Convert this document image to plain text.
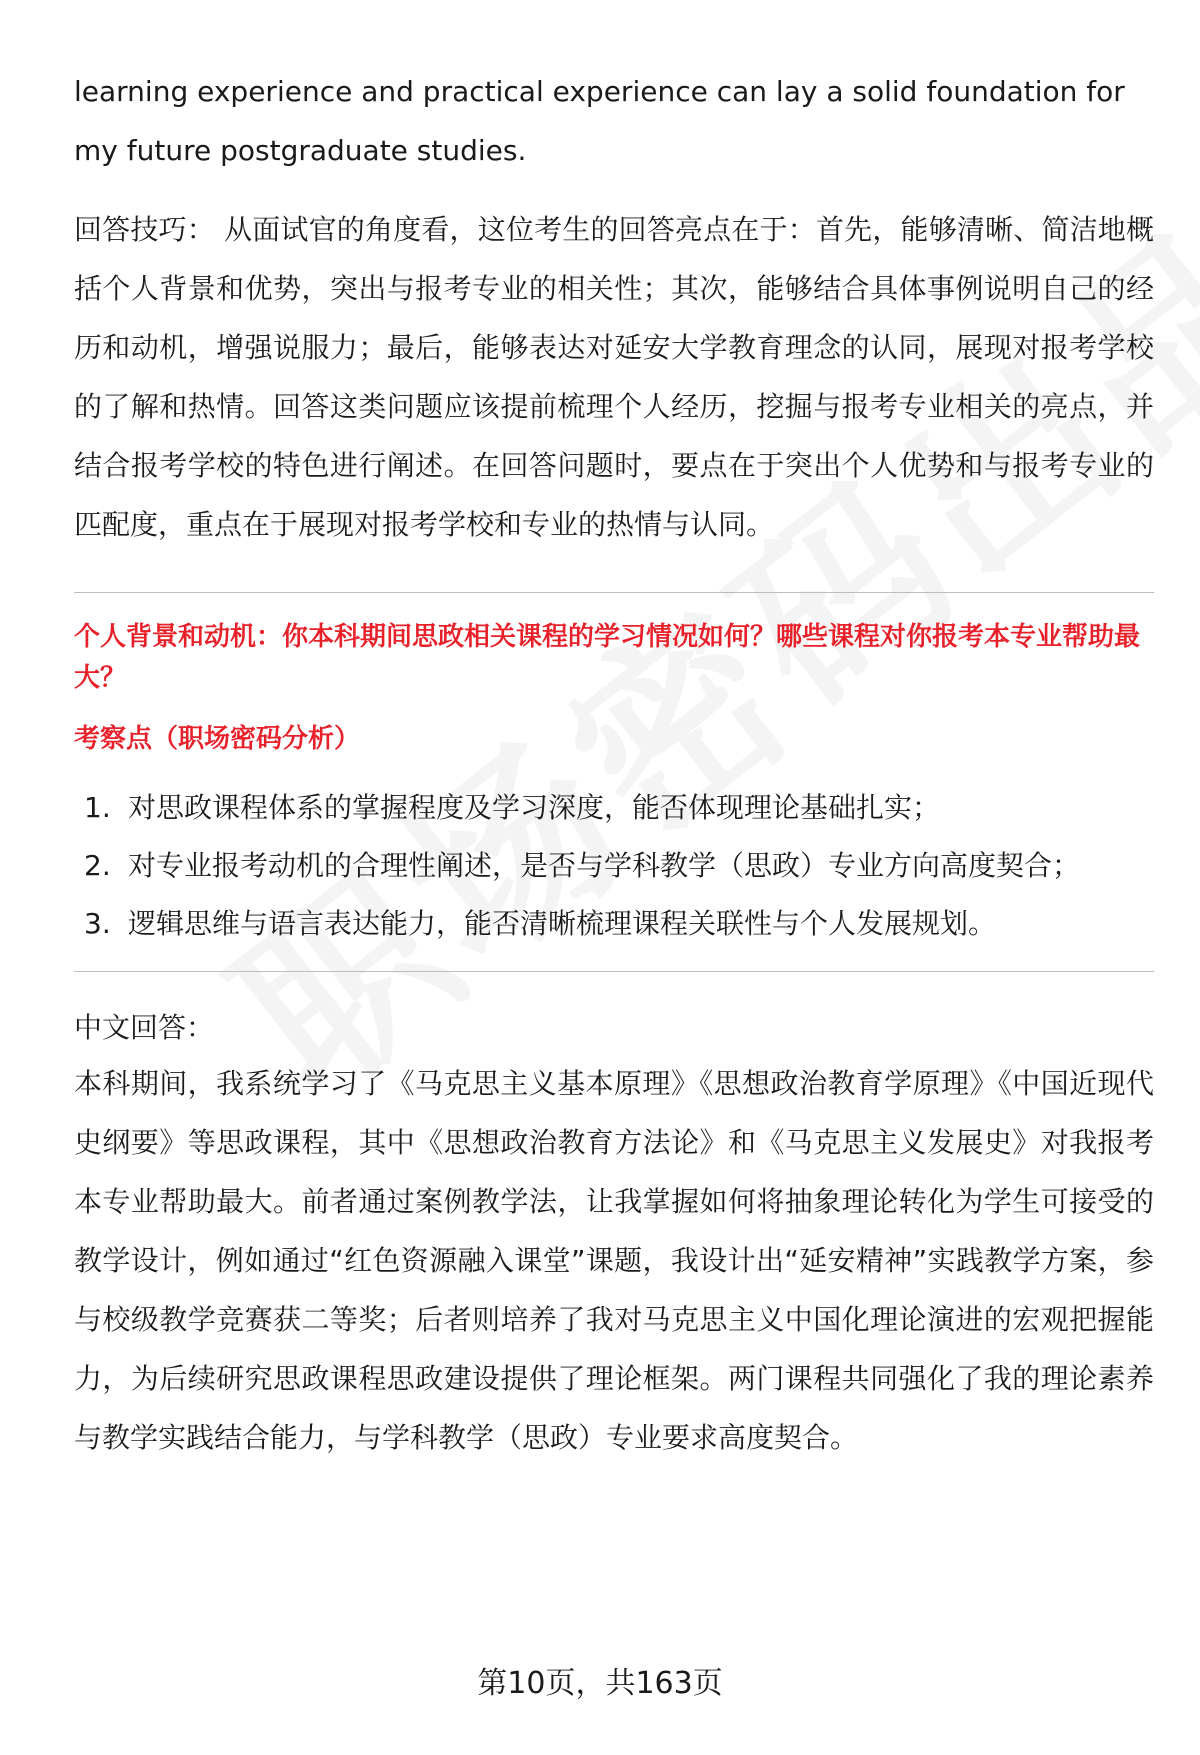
learning experience and practical experience can lay a solid foundation for

my future postgraduate studies.

回答技巧： 从面试官的角度看，这位考生的回答亮点在于：首先，能够清晰、简洁地概括个人背景和优势，突出与报考专业的相关性；其次，能够结合具体事例说明自己的经历和动机，增强说服力；最后，能够表达对延安大学教育理念的认同，展现对报考学校的了解和热情。回答这类问题应该提前梳理个人经历，挖掘与报考专业相关的亮点，并结合报考学校的特色进行阐述。在回答问题时，要点在于突出个人优势和与报考专业的匹配度，重点在于展现对报考学校和专业的热情与认同。

个人背景和动机：你本科期间思政相关课程的学习情况如何？哪些课程对你报考本专业帮助最大？

考察点（职场密码分析）

1. 对思政课程体系的掌握程度及学习深度，能否体现理论基础扎实；
2. 对专业报考动机的合理性阐述，是否与学科教学（思政）专业方向高度契合；
3. 逻辑思维与语言表达能力，能否清晰梳理课程关联性与个人发展规划。

中文回答：

本科期间，我系统学习了《马克思主义基本原理》《思想政治教育学原理》《中国近现代史纲要》等思政课程，其中《思想政治教育方法论》和《马克思主义发展史》对我报考本专业帮助最大。前者通过案例教学法，让我掌握如何将抽象理论转化为学生可接受的教学设计，例如通过“红色资源融入课堂”课题，我设计出“延安精神”实践教学方案，参与校级教学竞赛获二等奖；后者则培养了我对马克思主义中国化理论演进的宏观把握能力，为后续研究思政课程思政建设提供了理论框架。两门课程共同强化了我的理论素养与教学实践结合能力，与学科教学（思政）专业要求高度契合。

第10页，共163页
